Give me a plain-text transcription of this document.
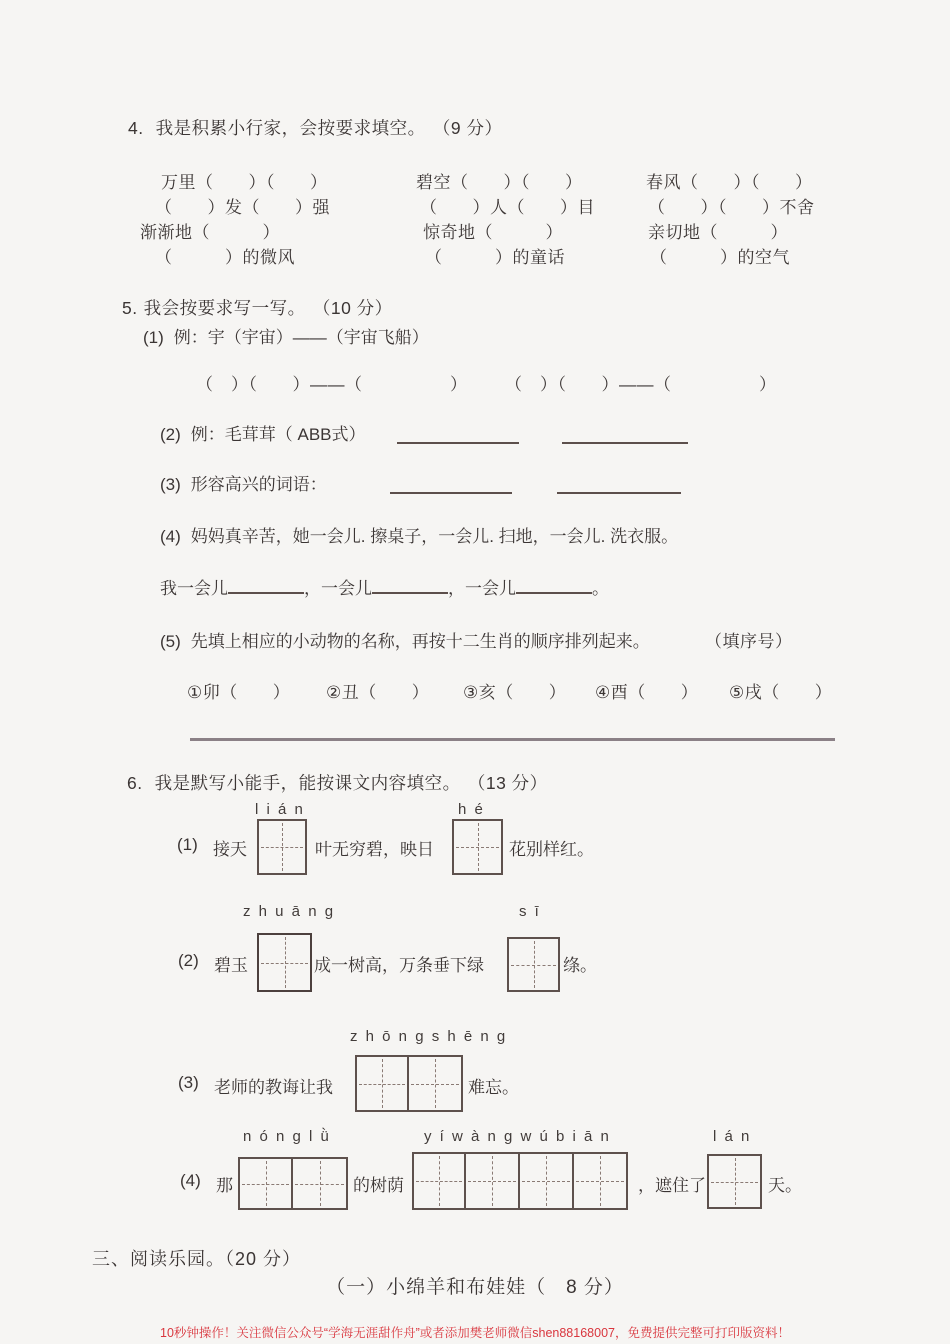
4. 我是积累小行家，会按要求填空。 （9 分）
万里（　　）（　　）	碧空（　　）（　　）	春风（　　）（　　）
（　　）发（　　）强	（　　）人（　　）目	（　　）（　　）不舍
渐渐地（　　　）	惊奇地（　　　）	亲切地（　　　）
（　　　）的微风	（　　　）的童话	（　　　）的空气
5. 我会按要求写一写。 （10 分）
(1) 例：宇（宇宙）——（宇宙飞船）
（　）（　　）——（　　　　　） （　）（　　）——（　　　　　）
(2) 例：毛茸茸（ ABB式）
(3) 形容高兴的词语：
(4) 妈妈真辛苦，她一会儿. 擦桌子，一会儿. 扫地，一会儿. 洗衣服。
我一会儿	，一会儿	，一会儿	。
(5) 先填上相应的小动物的名称，再按十二生肖的顺序排列起来。	（填序号）
①卯（　　） ②丑（　　） ③亥（　　） ④酉（　　） ⑤戌（　　）
6. 我是默写小能手，能按课文内容填空。 （13 分）
l i á n	h é
(1) 接天	叶无穷碧，映日	花别样红。
z h u ā n g	s ī
(2) 碧玉	成一树高，万条垂下绿	绦。
z h ō n g s h ē n g
(3) 老师的教诲让我	难忘。
n ó n g l ǜ	y í w à n g w ú b i ā n	l á n
(4) 那	的树荫	，遮住了	天。
三、阅读乐园。（20 分）
（一）小绵羊和布娃娃（　8 分）
10秒钟操作！关注微信公众号“学海无涯甜作舟”或者添加樊老师微信shen88168007，免费提供完整可打印版资料！
